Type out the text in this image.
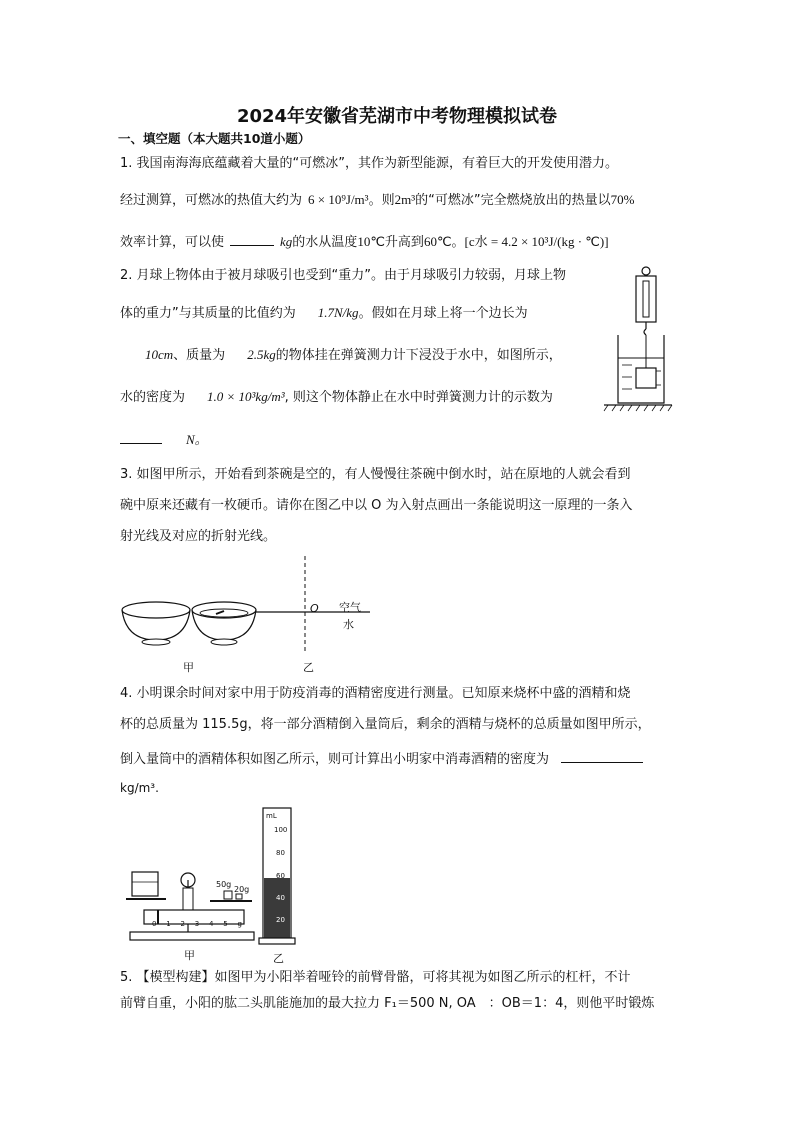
2024年安徽省芜湖市中考物理模拟试卷
一、填空题（本大题共10道小题）
1. 我国南海海底蕴藏着大量的“可燃冰”，其作为新型能源，有着巨大的开发使用潜力。
经过测算，可燃冰的热值大约为 6 × 10⁹J/m³。则2m³的“可燃冰”完全燃烧放出的热量以70%
效率计算，可以使	kg的水从温度10℃升高到60℃。[c水 = 4.2 × 10³J/(kg · ℃)]
2. 月球上物体由于被月球吸引也受到“重力”。由于月球吸引力较弱，月球上物
体的重力”与其质量的比值约为 1.7N/kg。假如在月球上将一个边长为
10cm、质量为 2.5kg的物体挂在弹簧测力计下浸没于水中，如图所示，
水的密度为 1.0 × 10³kg/m³, 则这个物体静止在水中时弹簧测力计的示数为
N。
3. 如图甲所示，开始看到茶碗是空的，有人慢慢往茶碗中倒水时，站在原地的人就会看到
碗中原来还藏有一枚硬币。请你在图乙中以 O 为入射点画出一条能说明这一原理的一条入
射光线及对应的折射光线。
甲
O 空气
水
乙
4. 小明课余时间对家中用于防疫消毒的酒精密度进行测量。已知原来烧杯中盛的酒精和烧
杯的总质量为 115.5g，将一部分酒精倒入量筒后，剩余的酒精与烧杯的总质量如图甲所示，
倒入量筒中的酒精体积如图乙所示，则可计算出小明家中消毒酒精的密度为
kg/m³.
50g
20g
0 1 2 3 4 5 g
甲
mL
100
80
60
40
20
乙
5. 【模型构建】如图甲为小阳举着哑铃的前臂骨骼，可将其视为如图乙所示的杠杆，不计
前臂自重，小阳的肱二头肌能施加的最大拉力 F₁＝500 N, OA　：OB＝1：4，则他平时锻炼
